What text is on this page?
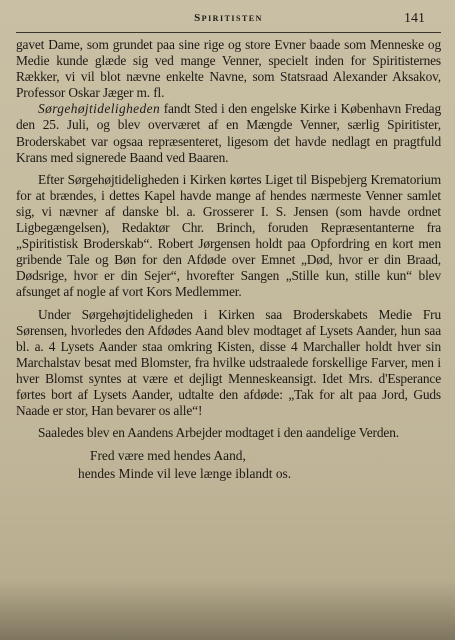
Spiritisten	141

gavet Dame, som grundet paa sine rige og store Evner baade som Menneske og Medie kunde glæde sig ved mange Venner, specielt inden for Spiritisternes Rækker, vi vil blot nævne enkelte Navne, som Statsraad Alexander Aksakov, Professor Oskar Jæger m. fl.

Sørgehøjtideligheden fandt Sted i den engelske Kirke i København Fredag den 25. Juli, og blev overværet af en Mængde Venner, særlig Spiritister, Broderskabet var ogsaa repræsenteret, ligesom det havde nedlagt en pragtfuld Krans med signerede Baand ved Baaren.

Efter Sørgehøjtideligheden i Kirken kørtes Liget til Bispebjerg Krematorium for at brændes, i dettes Kapel havde mange af hendes nærmeste Venner samlet sig, vi nævner af danske bl. a. Grosserer I. S. Jensen (som havde ordnet Ligbegængelsen), Redaktør Chr. Brinch, foruden Repræsentanterne fra „Spiritistisk Broderskab“. Robert Jørgensen holdt paa Opfordring en kort men gribende Tale og Bøn for den Afdøde over Emnet „Død, hvor er din Braad, Dødsrige, hvor er din Sejer“, hvorefter Sangen „Stille kun, stille kun“ blev afsunget af nogle af vort Kors Medlemmer.

Under Sørgehøjtideligheden i Kirken saa Broderskabets Medie Fru Sørensen, hvorledes den Afdødes Aand blev modtaget af Lysets Aander, hun saa bl. a. 4 Lysets Aander staa omkring Kisten, disse 4 Marchaller holdt hver sin Marchalstav besat med Blomster, fra hvilke udstraalede forskellige Farver, men i hver Blomst syntes at være et dejligt Menneskeansigt. Idet Mrs. d'Esperance førtes bort af Lysets Aander, udtalte den afdøde: „Tak for alt paa Jord, Guds Naade er stor, Han bevarer os alle“!

Saaledes blev en Aandens Arbejder modtaget i den aandelige Verden.

Fred være med hendes Aand,
hendes Minde vil leve længe iblandt os.
